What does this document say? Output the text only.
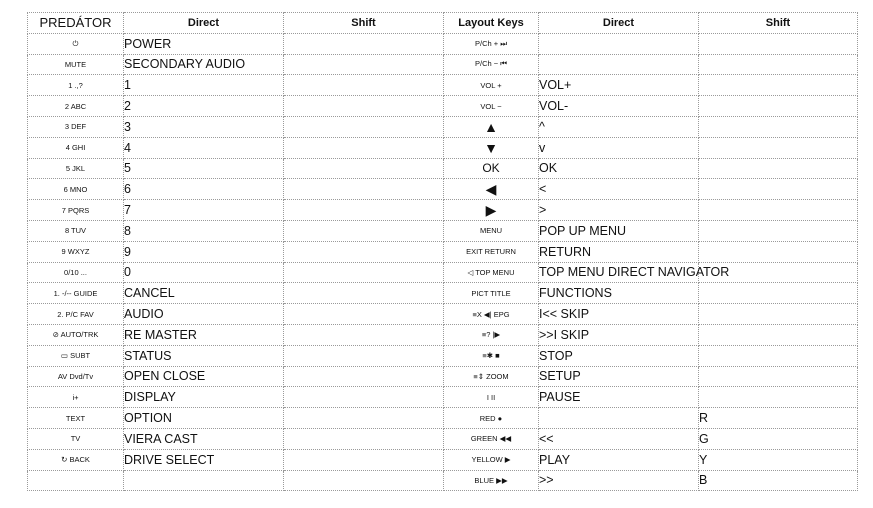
PREDÁTOR	Direct	Shift	Layout Keys	Direct	Shift
⏻	POWER		P/Ch + ⏭		
MUTE	SECONDARY AUDIO		P/Ch − ⏮		
1 .,?	1		VOL +	VOL+	
2 ABC	2		VOL −	VOL-	
3 DEF	3		▲	^	
4 GHI	4		▼	v	
5 JKL	5		OK	OK	
6 MNO	6		◀	<	
7 PQRS	7		▶	>	
8 TUV	8		MENU	POP UP MENU	
9 WXYZ	9		EXIT RETURN	RETURN	
0/10 ...	0		◁ TOP MENU	TOP MENU DIRECT NAVIGATOR	
1. -/-- GUIDE	CANCEL		PICT TITLE	FUNCTIONS	
2. P/C FAV	AUDIO		≡X ◀| EPG	I<< SKIP	
⊘ AUTO/TRK	RE MASTER		≡? |▶	>>I SKIP	
▭ SUBT	STATUS		≡✱ ■	STOP	
AV Dvd/Tv	OPEN CLOSE		≡⇕ ZOOM	SETUP	
i+	DISPLAY		I II	PAUSE	
TEXT	OPTION		RED ●		R
TV	VIERA CAST		GREEN ◀◀	<<	G
↻ BACK	DRIVE SELECT		YELLOW ▶	PLAY	Y
			BLUE ▶▶	>>	B
